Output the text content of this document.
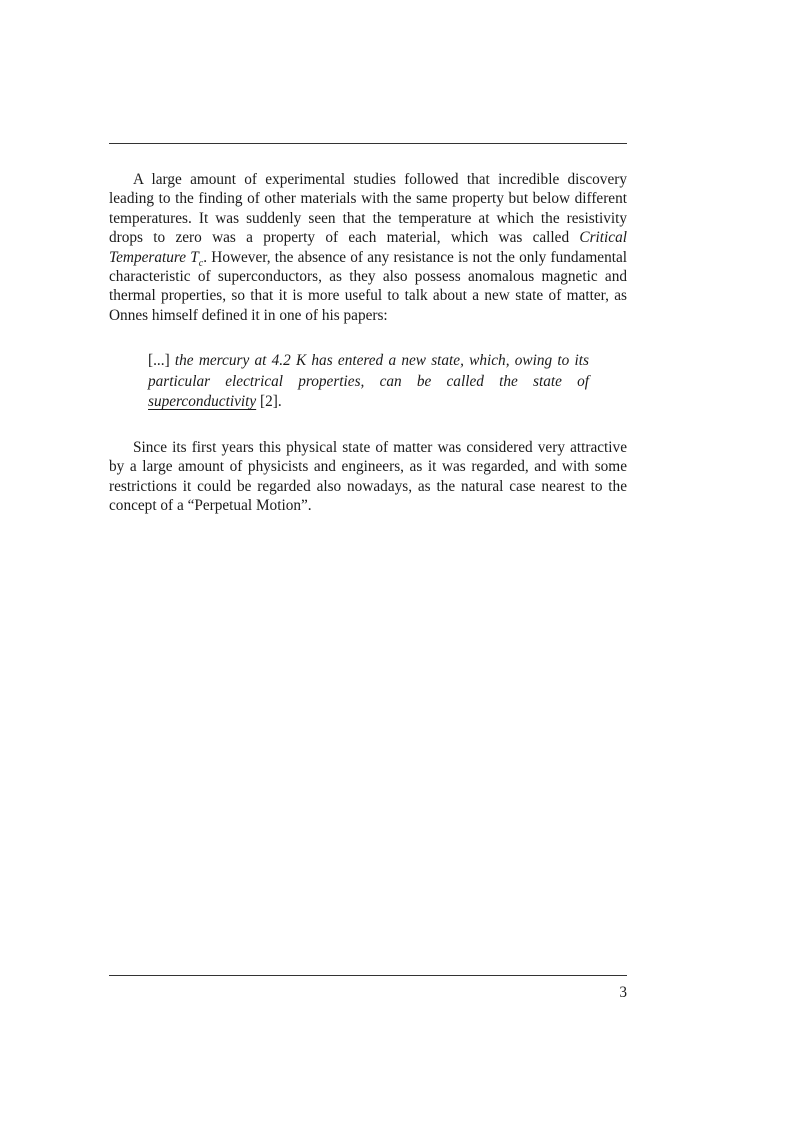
A large amount of experimental studies followed that incredible discovery leading to the finding of other materials with the same property but below different temperatures. It was suddenly seen that the temperature at which the resistivity drops to zero was a property of each material, which was called Critical Temperature $T_c$. However, the absence of any resistance is not the only fundamental characteristic of superconductors, as they also possess anomalous magnetic and thermal properties, so that it is more useful to talk about a new state of matter, as Onnes himself defined it in one of his papers:

[...] the mercury at 4.2 K has entered a new state, which, owing to its particular electrical properties, can be called the state of superconductivity [2].

Since its first years this physical state of matter was considered very attractive by a large amount of physicists and engineers, as it was regarded, and with some restrictions it could be regarded also nowadays, as the natural case nearest to the concept of a “Perpetual Motion”.

3
